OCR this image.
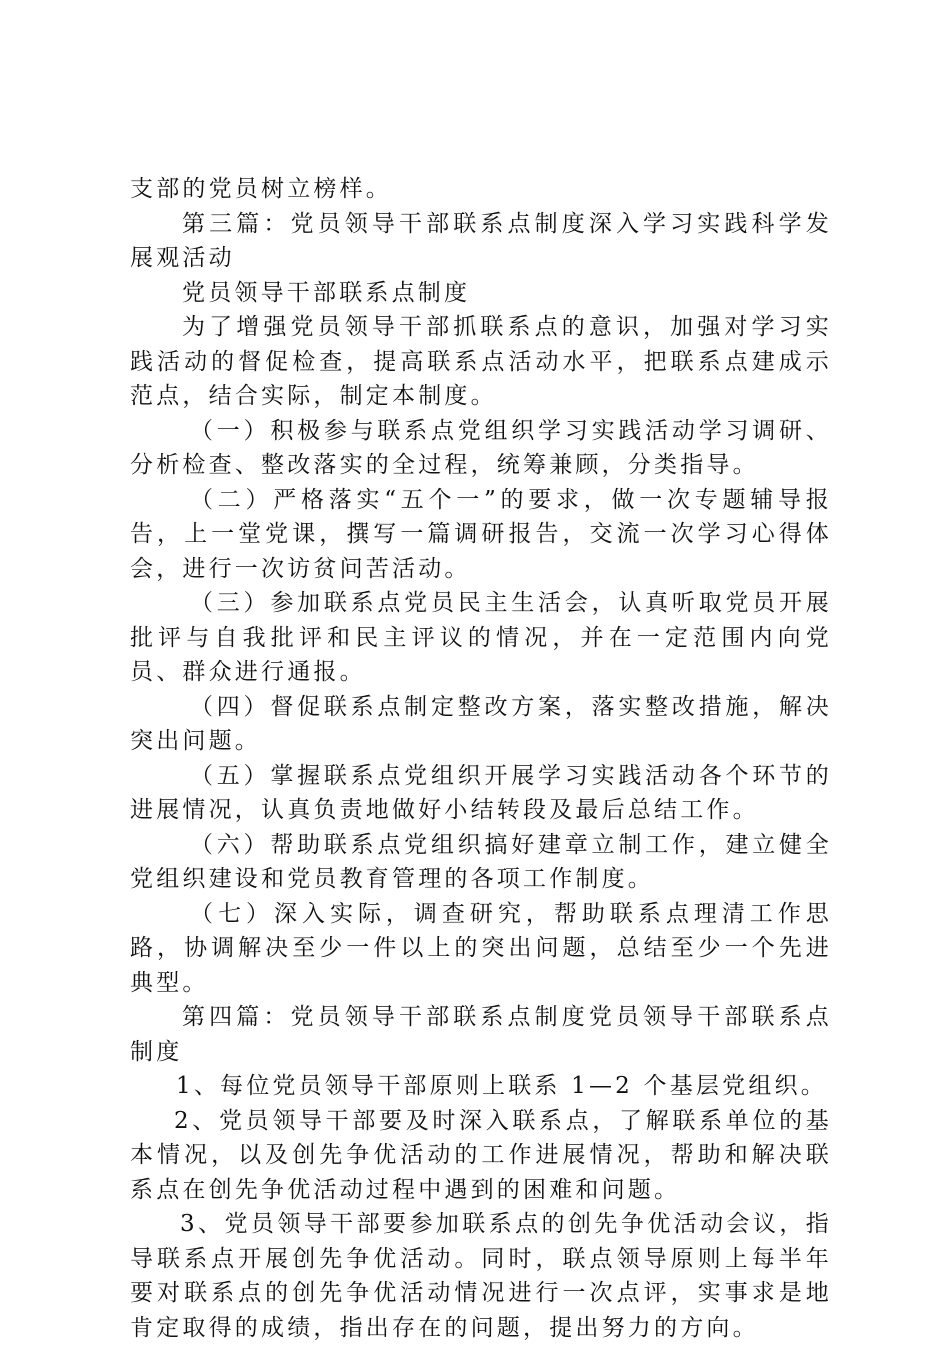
支部的党员树立榜样。

第三篇：党员领导干部联系点制度深入学习实践科学发展观活动

党员领导干部联系点制度

为了增强党员领导干部抓联系点的意识，加强对学习实践活动的督促检查，提高联系点活动水平，把联系点建成示范点，结合实际，制定本制度。

（一）积极参与联系点党组织学习实践活动学习调研、分析检查、整改落实的全过程，统筹兼顾，分类指导。

（二）严格落实“五个一”的要求，做一次专题辅导报告，上一堂党课，撰写一篇调研报告，交流一次学习心得体会，进行一次访贫问苦活动。

（三）参加联系点党员民主生活会，认真听取党员开展批评与自我批评和民主评议的情况，并在一定范围内向党员、群众进行通报。

（四）督促联系点制定整改方案，落实整改措施，解决突出问题。

（五）掌握联系点党组织开展学习实践活动各个环节的进展情况，认真负责地做好小结转段及最后总结工作。

（六）帮助联系点党组织搞好建章立制工作，建立健全党组织建设和党员教育管理的各项工作制度。

（七）深入实际，调查研究，帮助联系点理清工作思路，协调解决至少一件以上的突出问题，总结至少一个先进典型。

第四篇：党员领导干部联系点制度党员领导干部联系点制度

1、每位党员领导干部原则上联系 1—2 个基层党组织。

2、党员领导干部要及时深入联系点，了解联系单位的基本情况，以及创先争优活动的工作进展情况，帮助和解决联系点在创先争优活动过程中遇到的困难和问题。

3、党员领导干部要参加联系点的创先争优活动会议，指导联系点开展创先争优活动。同时，联点领导原则上每半年要对联系点的创先争优活动情况进行一次点评，实事求是地肯定取得的成绩，指出存在的问题，提出努力的方向。
